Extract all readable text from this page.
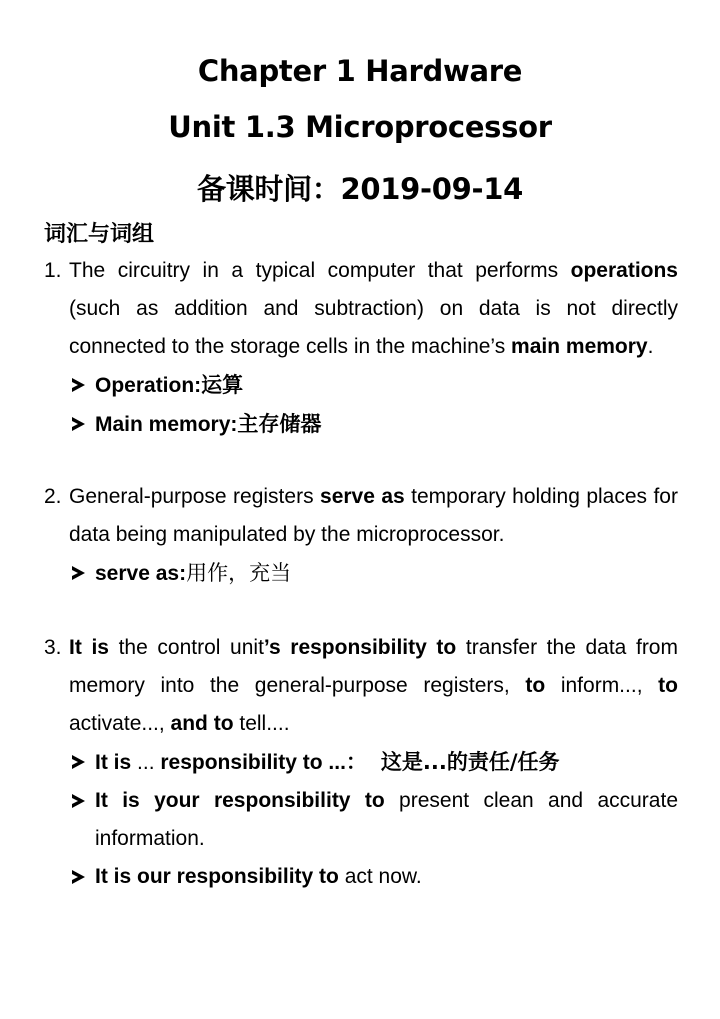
Chapter 1 Hardware
Unit 1.3 Microprocessor
备课时间：2019-09-14
词汇与词组
1. The circuitry in a typical computer that performs operations (such as addition and subtraction) on data is not directly connected to the storage cells in the machine’s main memory.
Operation:运算
Main memory:主存储器
2. General-purpose registers serve as temporary holding places for data being manipulated by the microprocessor.
serve as:用作，充当
3. It is the control unit’s responsibility to transfer the data from memory into the general-purpose registers, to inform..., to activate..., and to tell....
It is ... responsibility to ...： 这是...的责任/任务
It is your responsibility to present clean and accurate information.
It is our responsibility to act now.
